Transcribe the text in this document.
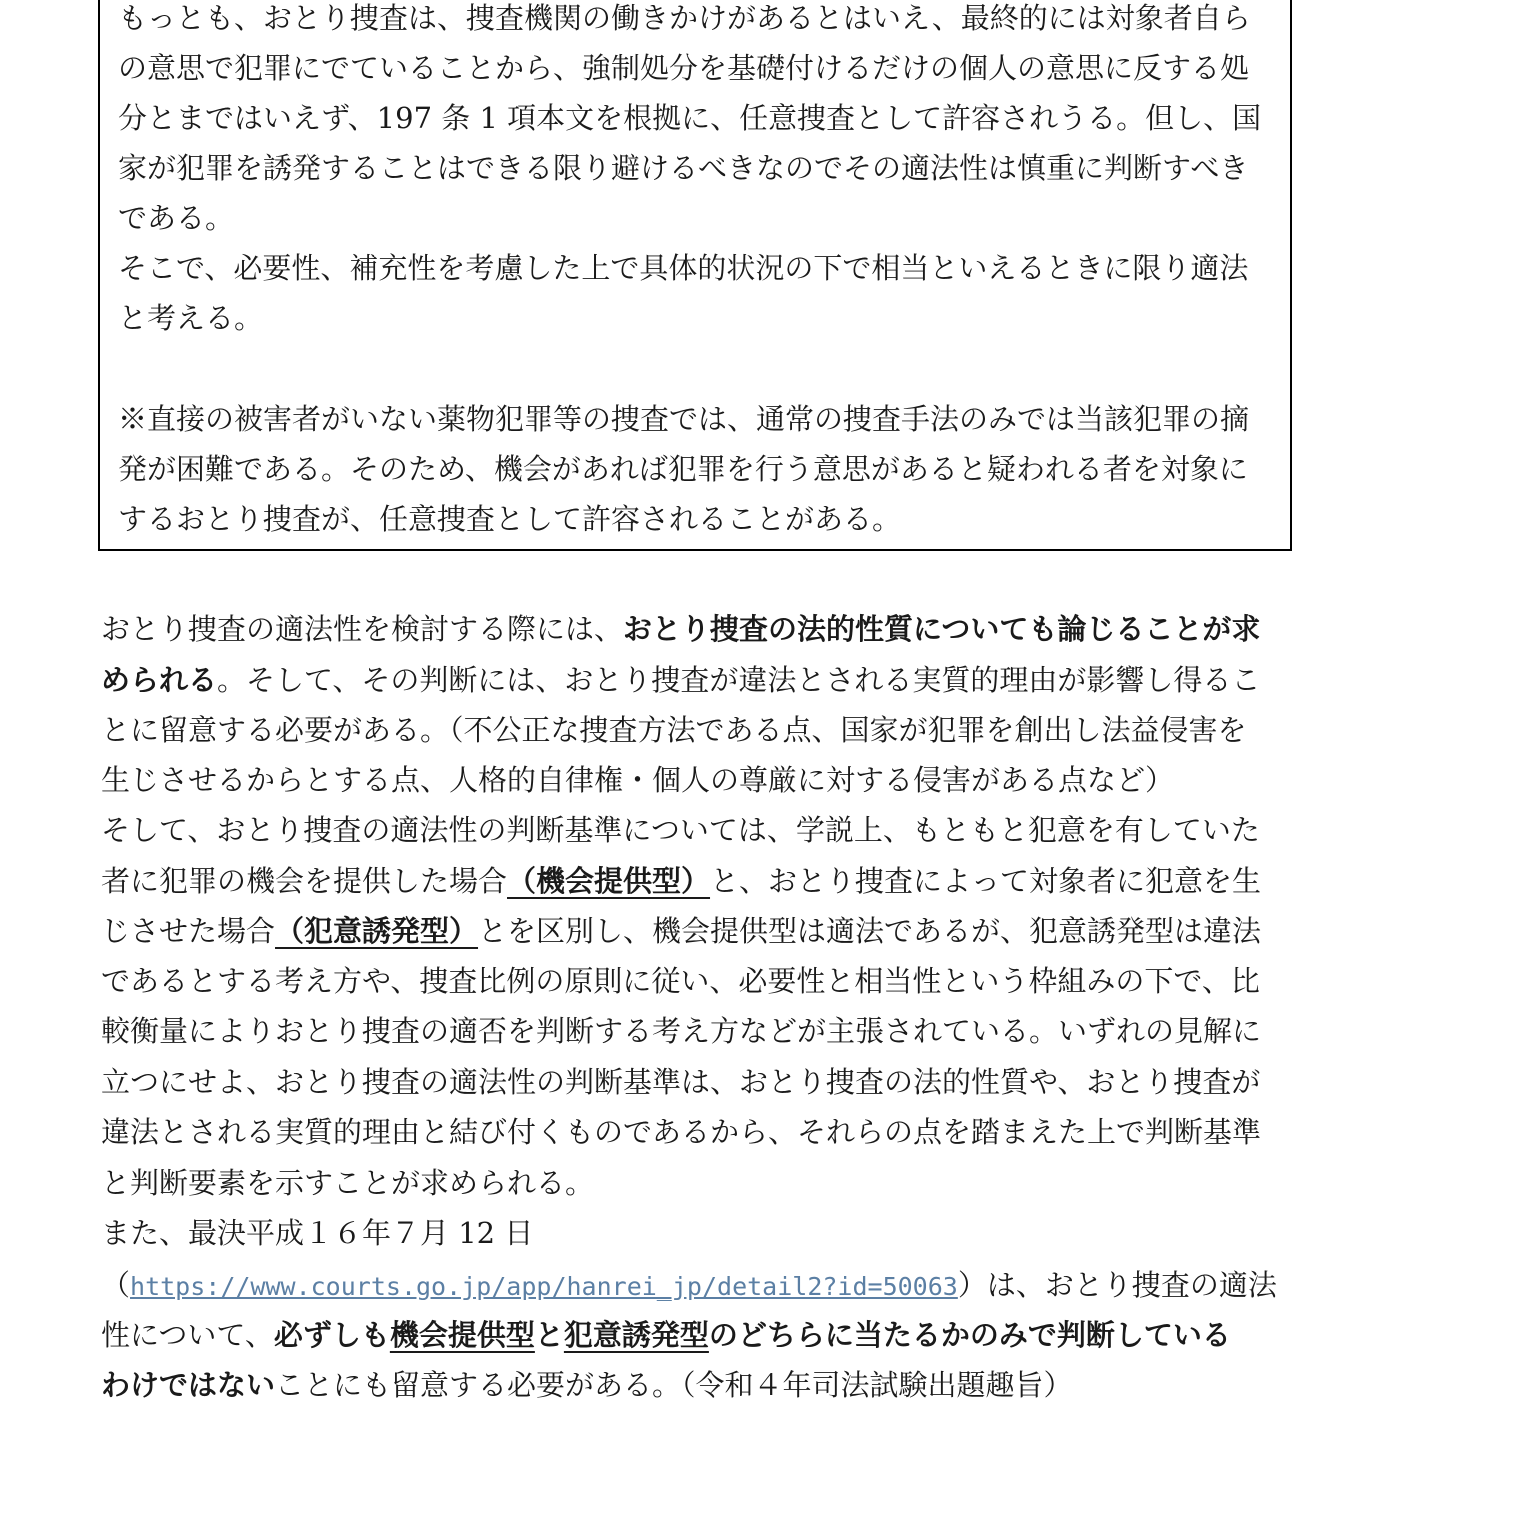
もっとも、おとり捜査は、捜査機関の働きかけがあるとはいえ、最終的には対象者自ら
の意思で犯罪にでていることから、強制処分を基礎付けるだけの個人の意思に反する処
分とまではいえず、197 条 1 項本文を根拠に、任意捜査として許容されうる。但し、国
家が犯罪を誘発することはできる限り避けるべきなのでその適法性は慎重に判断すべき
である。
そこで、必要性、補充性を考慮した上で具体的状況の下で相当といえるときに限り適法
と考える。
※直接の被害者がいない薬物犯罪等の捜査では、通常の捜査手法のみでは当該犯罪の摘
発が困難である。そのため、機会があれば犯罪を行う意思があると疑われる者を対象に
するおとり捜査が、任意捜査として許容されることがある。
おとり捜査の適法性を検討する際には、おとり捜査の法的性質についても論じることが求
められる。そして、その判断には、おとり捜査が違法とされる実質的理由が影響し得るこ
とに留意する必要がある。（不公正な捜査方法である点、国家が犯罪を創出し法益侵害を
生じさせるからとする点、人格的自律権・個人の尊厳に対する侵害がある点など）
そして、おとり捜査の適法性の判断基準については、学説上、もともと犯意を有していた
者に犯罪の機会を提供した場合（機会提供型）と、おとり捜査によって対象者に犯意を生
じさせた場合（犯意誘発型）とを区別し、機会提供型は適法であるが、犯意誘発型は違法
であるとする考え方や、捜査比例の原則に従い、必要性と相当性という枠組みの下で、比
較衡量によりおとり捜査の適否を判断する考え方などが主張されている。いずれの見解に
立つにせよ、おとり捜査の適法性の判断基準は、おとり捜査の法的性質や、おとり捜査が
違法とされる実質的理由と結び付くものであるから、それらの点を踏まえた上で判断基準
と判断要素を示すことが求められる。
また、最決平成１６年７月 12 日
（https://www.courts.go.jp/app/hanrei_jp/detail2?id=50063）は、おとり捜査の適法
性について、必ずしも機会提供型と犯意誘発型のどちらに当たるかのみで判断している
わけではないことにも留意する必要がある。（令和４年司法試験出題趣旨）
